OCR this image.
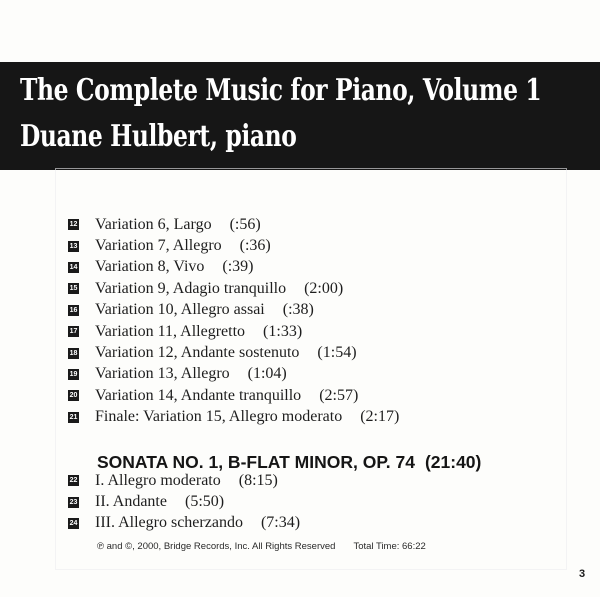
The Complete Music for Piano, Volume 1
Duane Hulbert, piano
12 Variation 6, Largo (:56)
13 Variation 7, Allegro (:36)
14 Variation 8, Vivo (:39)
15 Variation 9, Adagio tranquillo (2:00)
16 Variation 10, Allegro assai (:38)
17 Variation 11, Allegretto (1:33)
18 Variation 12, Andante sostenuto (1:54)
19 Variation 13, Allegro (1:04)
20 Variation 14, Andante tranquillo (2:57)
21 Finale: Variation 15, Allegro moderato (2:17)
SONATA NO. 1, B-FLAT MINOR, OP. 74 (21:40)
22 I. Allegro moderato (8:15)
23 II. Andante (5:50)
24 III. Allegro scherzando (7:34)
℗ and ©, 2000, Bridge Records, Inc. All Rights Reserved Total Time: 66:22
3
